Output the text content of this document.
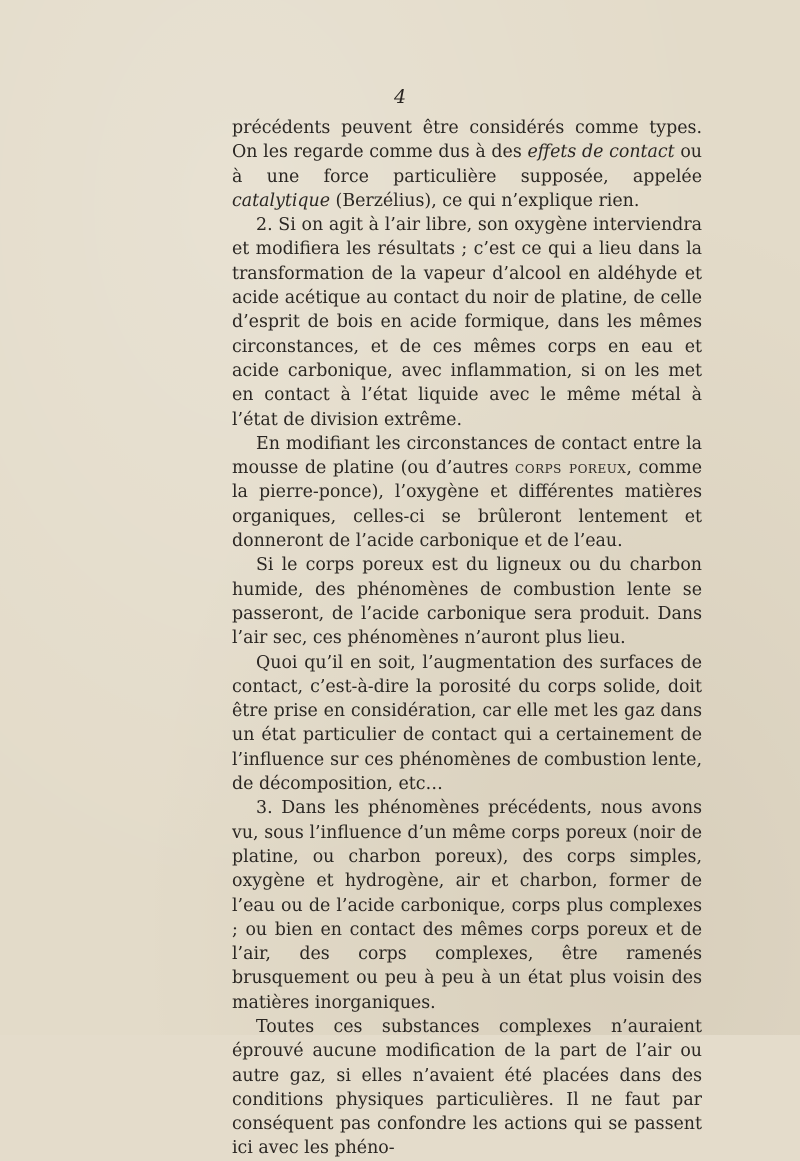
4

précédents peuvent être considérés comme types. On les regarde comme dus à des effets de contact ou à une force particulière supposée, appelée catalytique (Berzélius), ce qui n’explique rien.

2. Si on agit à l’air libre, son oxygène interviendra et modifiera les résultats ; c’est ce qui a lieu dans la transformation de la vapeur d’alcool en aldéhyde et acide acétique au contact du noir de platine, de celle d’esprit de bois en acide formique, dans les mêmes circonstances, et de ces mêmes corps en eau et acide carbonique, avec inflammation, si on les met en contact à l’état liquide avec le même métal à l’état de division extrême.

En modifiant les circonstances de contact entre la mousse de platine (ou d’autres corps poreux, comme la pierre-ponce), l’oxygène et différentes matières organiques, celles-ci se brûleront lentement et donneront de l’acide carbonique et de l’eau.

Si le corps poreux est du ligneux ou du charbon humide, des phénomènes de combustion lente se passeront, de l’acide carbonique sera produit. Dans l’air sec, ces phénomènes n’auront plus lieu.

Quoi qu’il en soit, l’augmentation des surfaces de contact, c’est-à-dire la porosité du corps solide, doit être prise en considération, car elle met les gaz dans un état particulier de contact qui a certainement de l’influence sur ces phénomènes de combustion lente, de décomposition, etc…

3. Dans les phénomènes précédents, nous avons vu, sous l’influence d’un même corps poreux (noir de platine, ou charbon poreux), des corps simples, oxygène et hydrogène, air et charbon, former de l’eau ou de l’acide carbonique, corps plus complexes ; ou bien en contact des mêmes corps poreux et de l’air, des corps complexes, être ramenés brusquement ou peu à peu à un état plus voisin des matières inorganiques.

Toutes ces substances complexes n’auraient éprouvé aucune modification de la part de l’air ou autre gaz, si elles n’avaient été placées dans des conditions physiques particulières. Il ne faut par conséquent pas confondre les actions qui se passent ici avec les phéno-
